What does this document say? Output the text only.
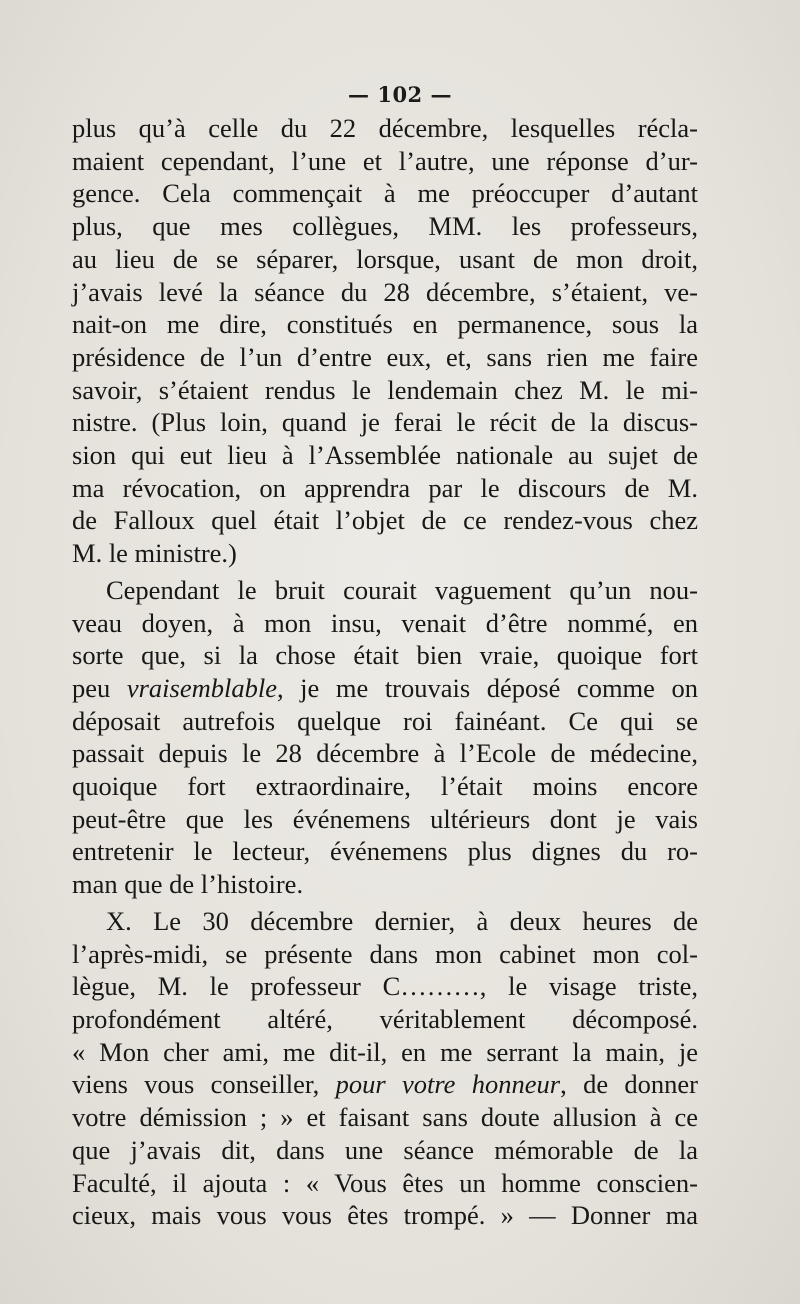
— 102 —
plus qu’à celle du 22 décembre, lesquelles récla-
maient cependant, l’une et l’autre, une réponse d’ur-
gence. Cela commençait à me préoccuper d’autant
plus, que mes collègues, MM. les professeurs,
au lieu de se séparer, lorsque, usant de mon droit,
j’avais levé la séance du 28 décembre, s’étaient, ve-
nait-on me dire, constitués en permanence, sous la
présidence de l’un d’entre eux, et, sans rien me faire
savoir, s’étaient rendus le lendemain chez M. le mi-
nistre. (Plus loin, quand je ferai le récit de la discus-
sion qui eut lieu à l’Assemblée nationale au sujet de
ma révocation, on apprendra par le discours de M.
de Falloux quel était l’objet de ce rendez-vous chez
M. le ministre.)
Cependant le bruit courait vaguement qu’un nou-
veau doyen, à mon insu, venait d’être nommé, en
sorte que, si la chose était bien vraie, quoique fort
peu vraisemblable, je me trouvais déposé comme on
déposait autrefois quelque roi fainéant. Ce qui se
passait depuis le 28 décembre à l’Ecole de médecine,
quoique fort extraordinaire, l’était moins encore
peut-être que les événemens ultérieurs dont je vais
entretenir le lecteur, événemens plus dignes du ro-
man que de l’histoire.
X. Le 30 décembre dernier, à deux heures de
l’après-midi, se présente dans mon cabinet mon col-
lègue, M. le professeur C………, le visage triste,
profondément altéré, véritablement décomposé.
« Mon cher ami, me dit-il, en me serrant la main, je
viens vous conseiller, pour votre honneur, de donner
votre démission ; » et faisant sans doute allusion à ce
que j’avais dit, dans une séance mémorable de la
Faculté, il ajouta : « Vous êtes un homme conscien-
cieux, mais vous vous êtes trompé. » — Donner ma
